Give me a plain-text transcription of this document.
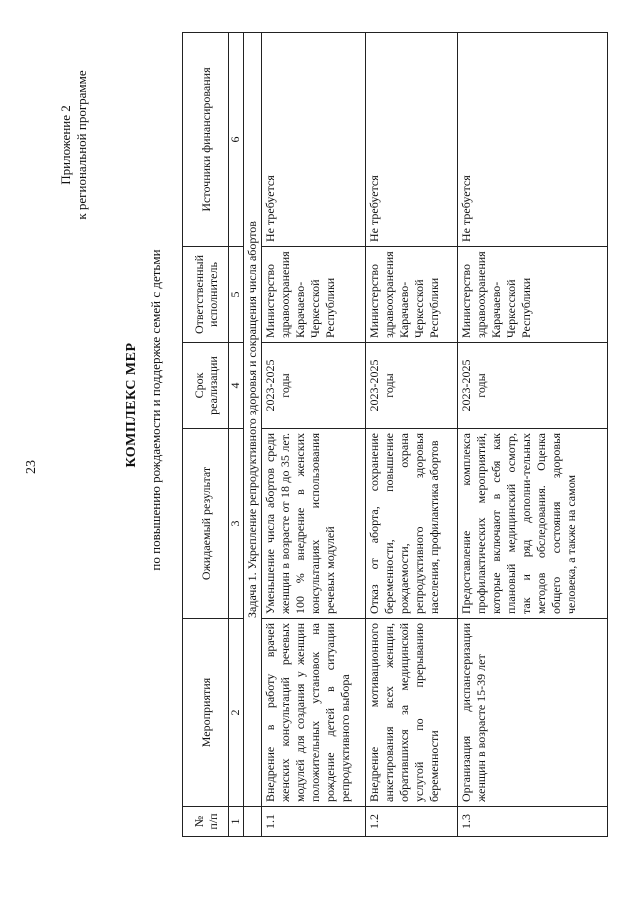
23
Приложение 2 к региональной программе
КОМПЛЕКС МЕР по повышению рождаемости и поддержке семей с детьми
№ п/п	Мероприятия	Ожидаемый результат	Срок реализации	Ответственный исполнитель	Источники финансирования
1	2	3	4	5	6
	Задача 1. Укрепление репродуктивного здоровья и сокращения числа абортов				
1.1	Внедрение в работу врачей женских консультаций речевых модулей для создания у женщин положительных установок на рождение детей в ситуации репродуктивного выбора	Уменьшение числа абортов среди женщин в возрасте от 18 до 35 лет. 100 % внедрение в женских консультациях использования речевых модулей	2023-2025 годы	Министерство здравоохранения Карачаево-Черкесской Республики	Не требуется
1.2	Внедрение мотивационного анкетирования всех женщин, обратившихся за медицинской услугой по прерыванию беременности	Отказ от аборта, сохранение беременности, повышение рождаемости, охрана репродуктивного здоровья населения, профилактика абортов	2023-2025 годы	Министерство здравоохранения Карачаево-Черкесской Республики	Не требуется
1.3	Организация диспансеризации женщин в возрасте 15-39 лет	Предоставление комплекса профилактических мероприятий, которые включают в себя как плановый медицинский осмотр, так и ряд дополни-тельных методов обследования. Оценка общего состояния здоровья человека, а также на самом	2023-2025 годы	Министерство здравоохранения Карачаево-Черкесской Республики	Не требуется
